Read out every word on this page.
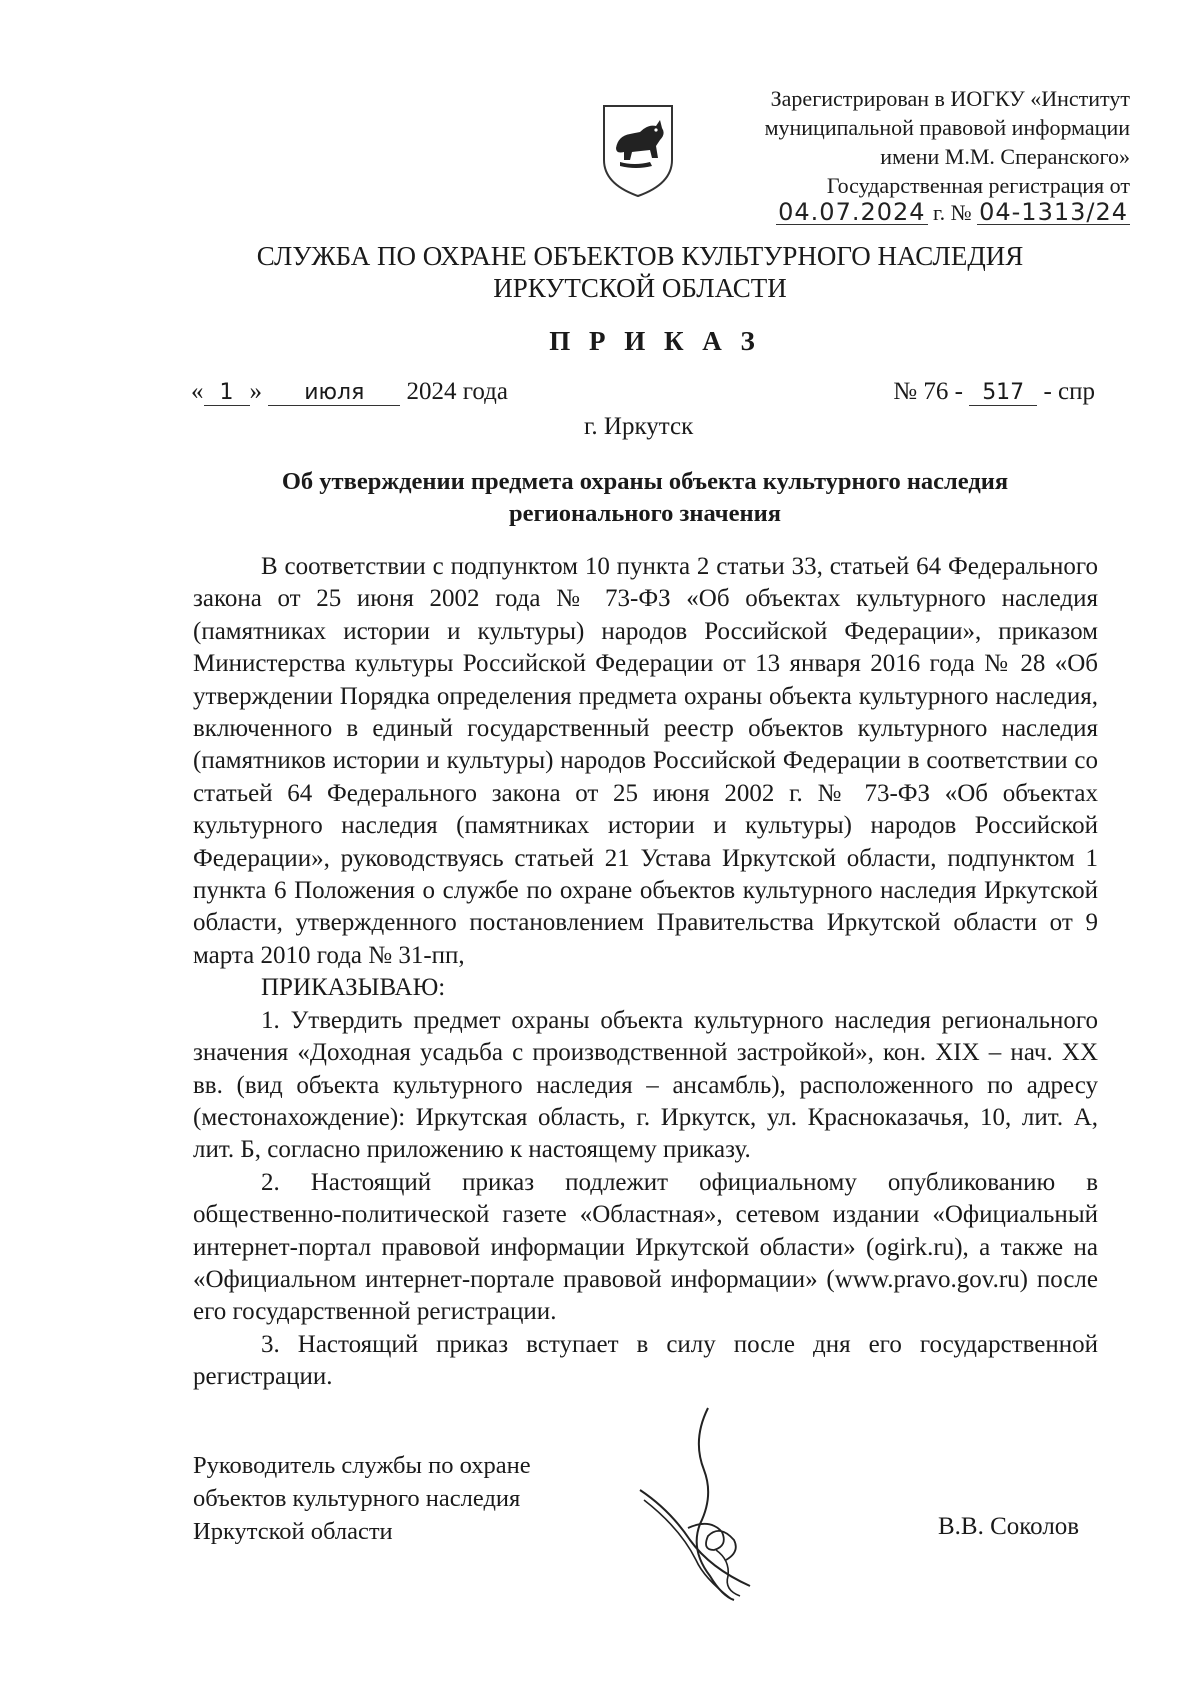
Зарегистрирован в ИОГКУ «Институт
муниципальной правовой информации
имени М.М. Сперанского»
Государственная регистрация от
04.07.2024 г. № 04-1313/24
СЛУЖБА ПО ОХРАНЕ ОБЪЕКТОВ КУЛЬТУРНОГО НАСЛЕДИЯ
ИРКУТСКОЙ ОБЛАСТИ
П Р И К А З
« 1 » июля 2024 года	№ 76 - 517 - спр
г. Иркутск
Об утверждении предмета охраны объекта культурного наследия
регионального значения
В соответствии с подпунктом 10 пункта 2 статьи 33, статьей 64 Федерального закона от 25 июня 2002 года № 73-ФЗ «Об объектах культурного наследия (памятниках истории и культуры) народов Российской Федерации», приказом Министерства культуры Российской Федерации от 13 января 2016 года № 28 «Об утверждении Порядка определения предмета охраны объекта культурного наследия, включенного в единый государственный реестр объектов культурного наследия (памятников истории и культуры) народов Российской Федерации в соответствии со статьей 64 Федерального закона от 25 июня 2002 г. № 73-ФЗ «Об объектах культурного наследия (памятниках истории и культуры) народов Российской Федерации», руководствуясь статьей 21 Устава Иркутской области, подпунктом 1 пункта 6 Положения о службе по охране объектов культурного наследия Иркутской области, утвержденного постановлением Правительства Иркутской области от 9 марта 2010 года № 31-пп,
ПРИКАЗЫВАЮ:
1. Утвердить предмет охраны объекта культурного наследия регионального значения «Доходная усадьба с производственной застройкой», кон. XIX – нач. XX вв. (вид объекта культурного наследия – ансамбль), расположенного по адресу (местонахождение): Иркутская область, г. Иркутск, ул. Красноказачья, 10, лит. А, лит. Б, согласно приложению к настоящему приказу.
2. Настоящий приказ подлежит официальному опубликованию в общественно-политической газете «Областная», сетевом издании «Официальный интернет-портал правовой информации Иркутской области» (ogirk.ru), а также на «Официальном интернет-портале правовой информации» (www.pravo.gov.ru) после его государственной регистрации.
3. Настоящий приказ вступает в силу после дня его государственной регистрации.
Руководитель службы по охране
объектов культурного наследия
Иркутской области	В.В. Соколов
